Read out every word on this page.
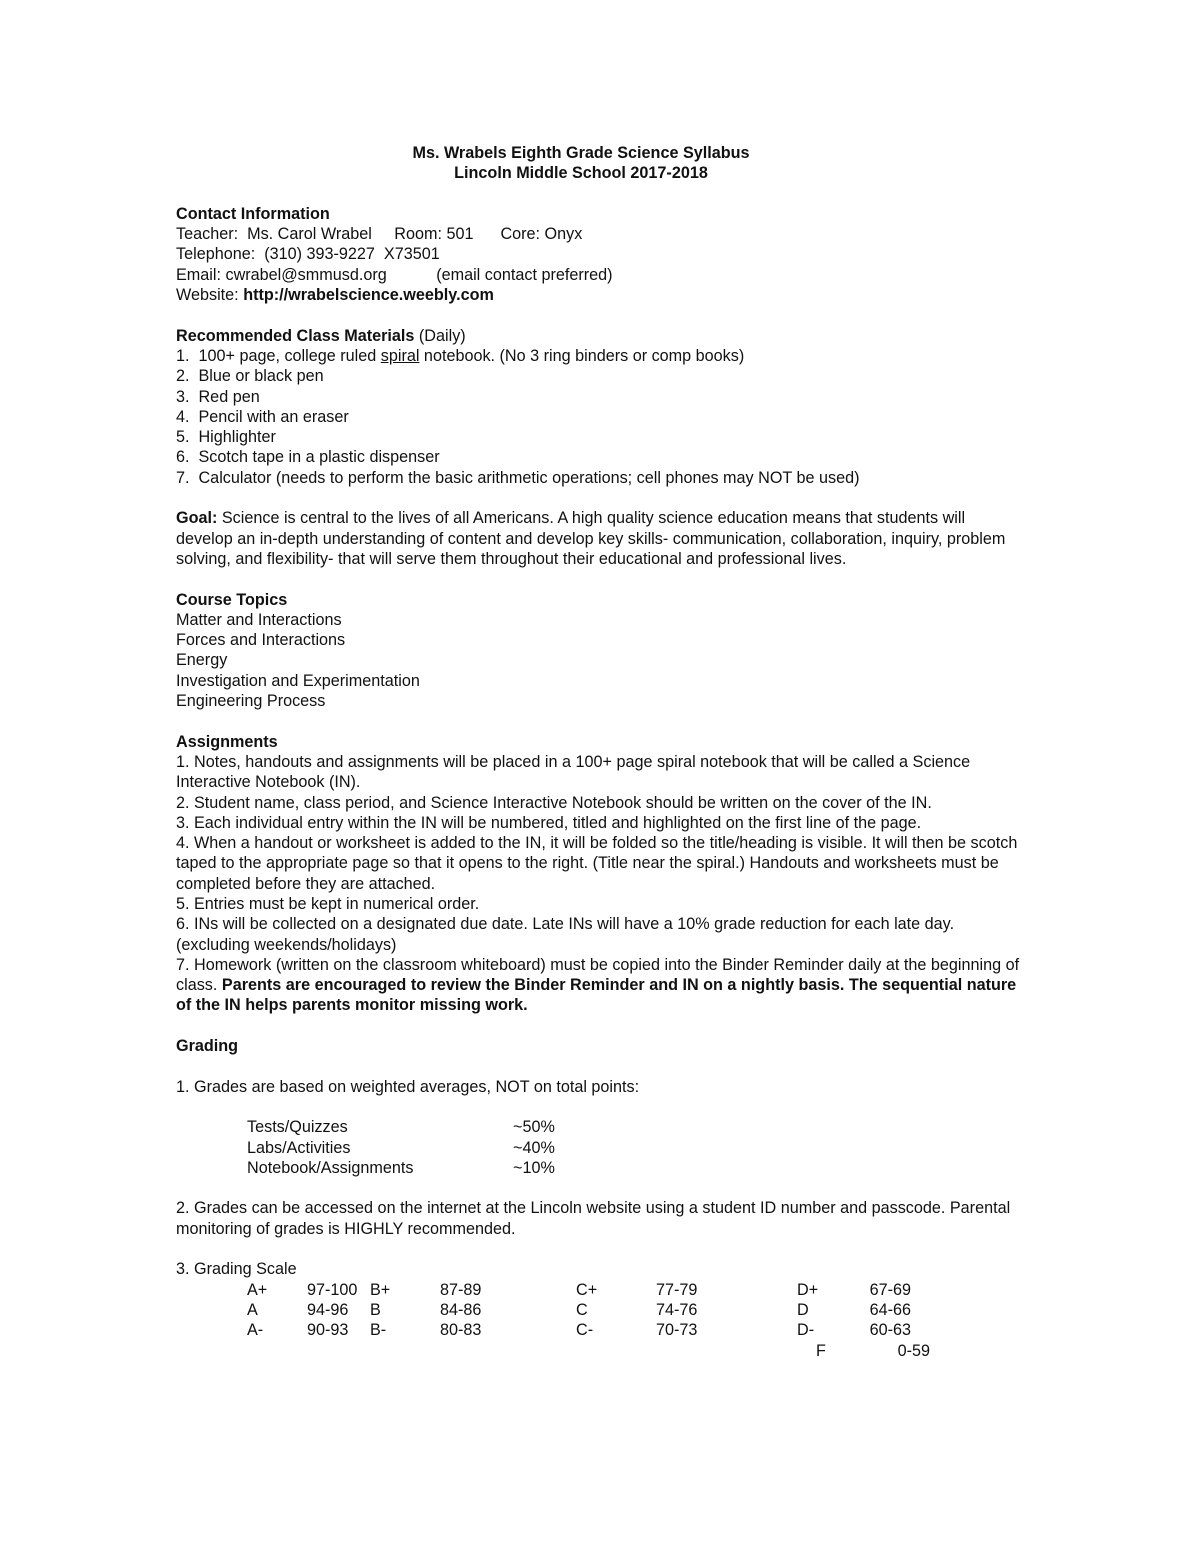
Ms. Wrabels Eighth Grade Science Syllabus
Lincoln Middle School 2017-2018
Contact Information
Teacher:  Ms. Carol Wrabel     Room: 501      Core: Onyx
Telephone:  (310) 393-9227  X73501
Email: cwrabel@smmusd.org           (email contact preferred)
Website: http://wrabelscience.weebly.com
Recommended Class Materials (Daily)
1.  100+ page, college ruled spiral notebook. (No 3 ring binders or comp books)
2.  Blue or black pen
3.  Red pen
4.  Pencil with an eraser
5.  Highlighter
6.  Scotch tape in a plastic dispenser
7.  Calculator (needs to perform the basic arithmetic operations; cell phones may NOT be used)
Goal: Science is central to the lives of all Americans. A high quality science education means that students will develop an in-depth understanding of content and develop key skills- communication, collaboration, inquiry, problem solving, and flexibility- that will serve them throughout their educational and professional lives.
Course Topics
Matter and Interactions
Forces and Interactions
Energy
Investigation and Experimentation
Engineering Process
Assignments
1. Notes, handouts and assignments will be placed in a 100+ page spiral notebook that will be called a Science Interactive Notebook (IN).
2. Student name, class period, and Science Interactive Notebook should be written on the cover of the IN.
3. Each individual entry within the IN will be numbered, titled and highlighted on the first line of the page.
4. When a handout or worksheet is added to the IN, it will be folded so the title/heading is visible. It will then be scotch taped to the appropriate page so that it opens to the right. (Title near the spiral.) Handouts and worksheets must be completed before they are attached.
5. Entries must be kept in numerical order.
6. INs will be collected on a designated due date. Late INs will have a 10% grade reduction for each late day. (excluding weekends/holidays)
7. Homework (written on the classroom whiteboard) must be copied into the Binder Reminder daily at the beginning of class. Parents are encouraged to review the Binder Reminder and IN on a nightly basis. The sequential nature of the IN helps parents monitor missing work.
Grading
1. Grades are based on weighted averages, NOT on total points:
Tests/Quizzes	~50%
Labs/Activities	~40%
Notebook/Assignments	~10%
2. Grades can be accessed on the internet at the Lincoln website using a student ID number and passcode. Parental monitoring of grades is HIGHLY recommended.
3. Grading Scale
A+	97-100 B+	87-89	C+	77-79	D+	67-69
A	94-96	B	84-86	C	74-76	D	64-66
A-	90-93	B-	80-83	C-	70-73	D-	60-63
F	0-59
